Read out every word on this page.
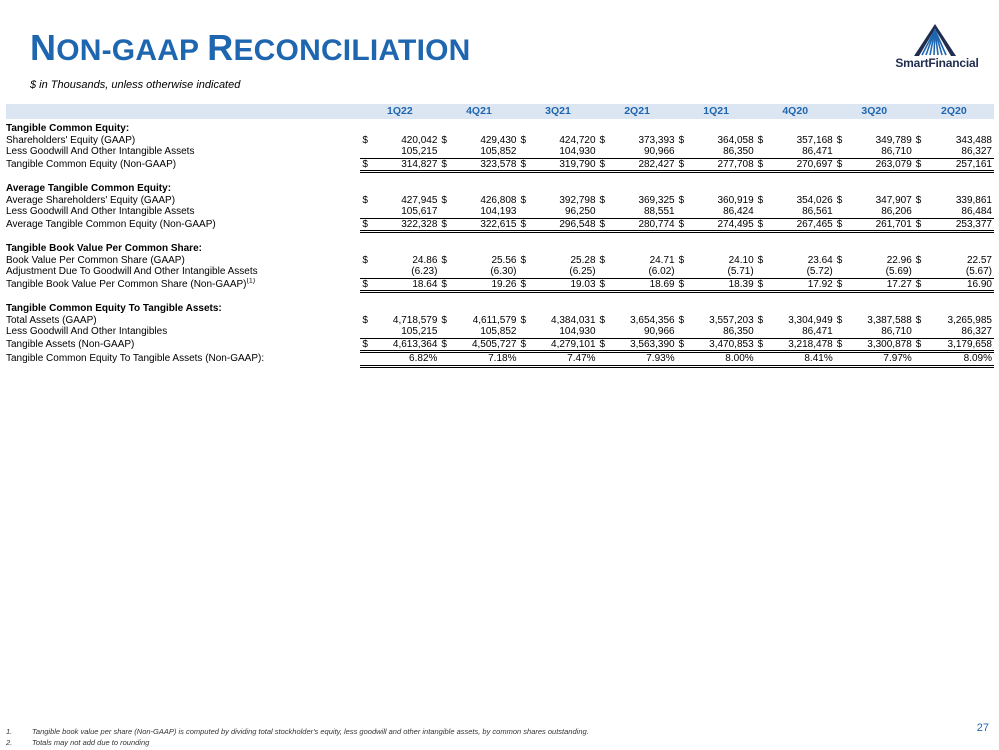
NON-GAAP RECONCILIATION
$ in Thousands, unless otherwise indicated
SmartFinancial
	1Q22		4Q21		3Q21		2Q21		1Q21		4Q20		3Q20		2Q20	
Tangible Common Equity:																
Shareholders' Equity (GAAP)	$	420,042	$	429,430	$	424,720	$	373,393	$	364,058	$	357,168	$	349,789	$	343,488
Less Goodwill And Other Intangible Assets		105,215		105,852		104,930		90,966		86,350		86,471		86,710		86,327
Tangible Common Equity (Non-GAAP)	$	314,827	$	323,578	$	319,790	$	282,427	$	277,708	$	270,697	$	263,079	$	257,161

Average Tangible Common Equity:																
Average Shareholders' Equity (GAAP)	$	427,945	$	426,808	$	392,798	$	369,325	$	360,919	$	354,026	$	347,907	$	339,861
Less Goodwill And Other Intangible Assets		105,617		104,193		96,250		88,551		86,424		86,561		86,206		86,484
Average Tangible Common Equity (Non-GAAP)	$	322,328	$	322,615	$	296,548	$	280,774	$	274,495	$	267,465	$	261,701	$	253,377

Tangible Book Value Per Common Share:																
Book Value Per Common Share (GAAP)	$	24.86	$	25.56	$	25.28	$	24.71	$	24.10	$	23.64	$	22.96	$	22.57
Adjustment Due To Goodwill And Other Intangible Assets		(6.23)		(6.30)		(6.25)		(6.02)		(5.71)		(5.72)		(5.69)		(5.67)
Tangible Book Value Per Common Share (Non-GAAP)$^{(1)}$	$	18.64	$	19.26	$	19.03	$	18.69	$	18.39	$	17.92	$	17.27	$	16.90

Tangible Common Equity To Tangible Assets:																
Total Assets (GAAP)	$	4,718,579	$	4,611,579	$	4,384,031	$	3,654,356	$	3,557,203	$	3,304,949	$	3,387,588	$	3,265,985
Less Goodwill And Other Intangibles		105,215		105,852		104,930		90,966		86,350		86,471		86,710		86,327
Tangible Assets (Non-GAAP)	$	4,613,364	$	4,505,727	$	4,279,101	$	3,563,390	$	3,470,853	$	3,218,478	$	3,300,878	$	3,179,658
Tangible Common Equity To Tangible Assets (Non-GAAP):		6.82%		7.18%		7.47%		7.93%		8.00%		8.41%		7.97%		8.09%
1.	Tangible book value per share (Non-GAAP) is computed by dividing total stockholder's equity, less goodwill and other intangible assets, by common shares outstanding.
2.	Totals may not add due to rounding
27
